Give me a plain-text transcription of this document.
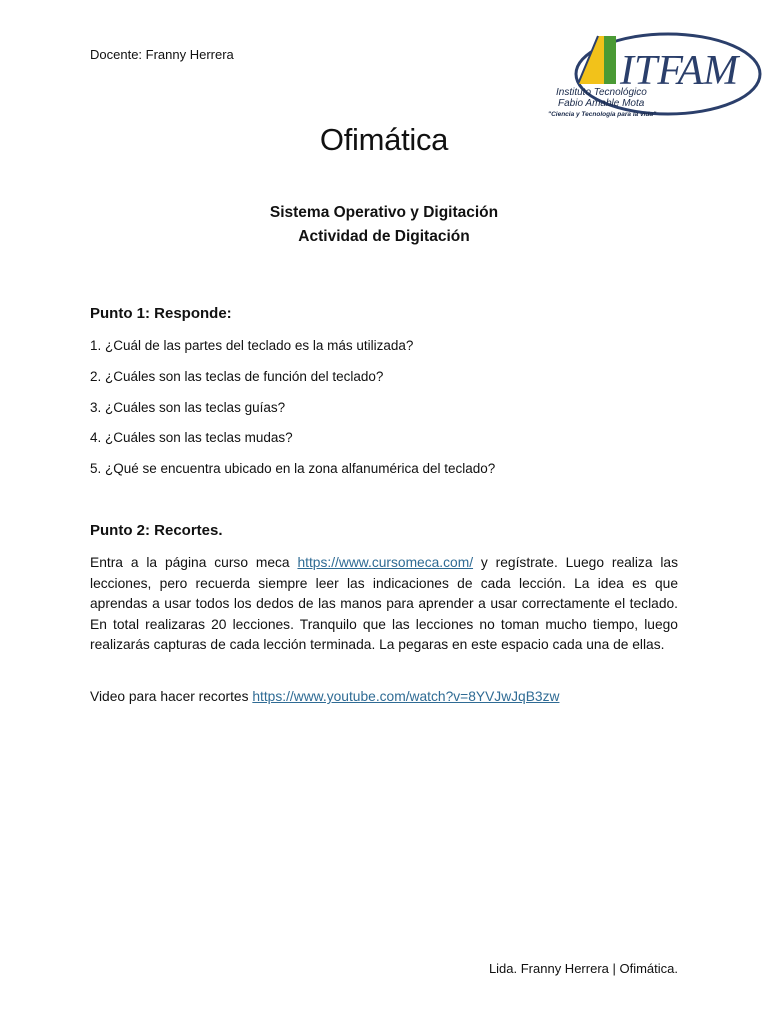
Docente: Franny Herrera	ITFAM
Instituto Tecnológico
Fabio Amable Mota
"Ciencia y Tecnología para la vida"
Ofimática
Sistema Operativo y Digitación
Actividad de Digitación
Punto 1: Responde:
1. ¿Cuál de las partes del teclado es la más utilizada?
2. ¿Cuáles son las teclas de función del teclado?
3. ¿Cuáles son las teclas guías?
4. ¿Cuáles son las teclas mudas?
5. ¿Qué se encuentra ubicado en la zona alfanumérica del teclado?
Punto 2: Recortes.

Entra a la página curso meca https://www.cursomeca.com/ y regístrate. Luego realiza las lecciones, pero recuerda siempre leer las indicaciones de cada lección. La idea es que aprendas a usar todos los dedos de las manos para aprender a usar correctamente el teclado. En total realizaras 20 lecciones. Tranquilo que las lecciones no toman mucho tiempo, luego realizarás capturas de cada lección terminada. La pegaras en este espacio cada una de ellas.

Video para hacer recortes https://www.youtube.com/watch?v=8YVJwJqB3zw

Lida. Franny Herrera | Ofimática.
